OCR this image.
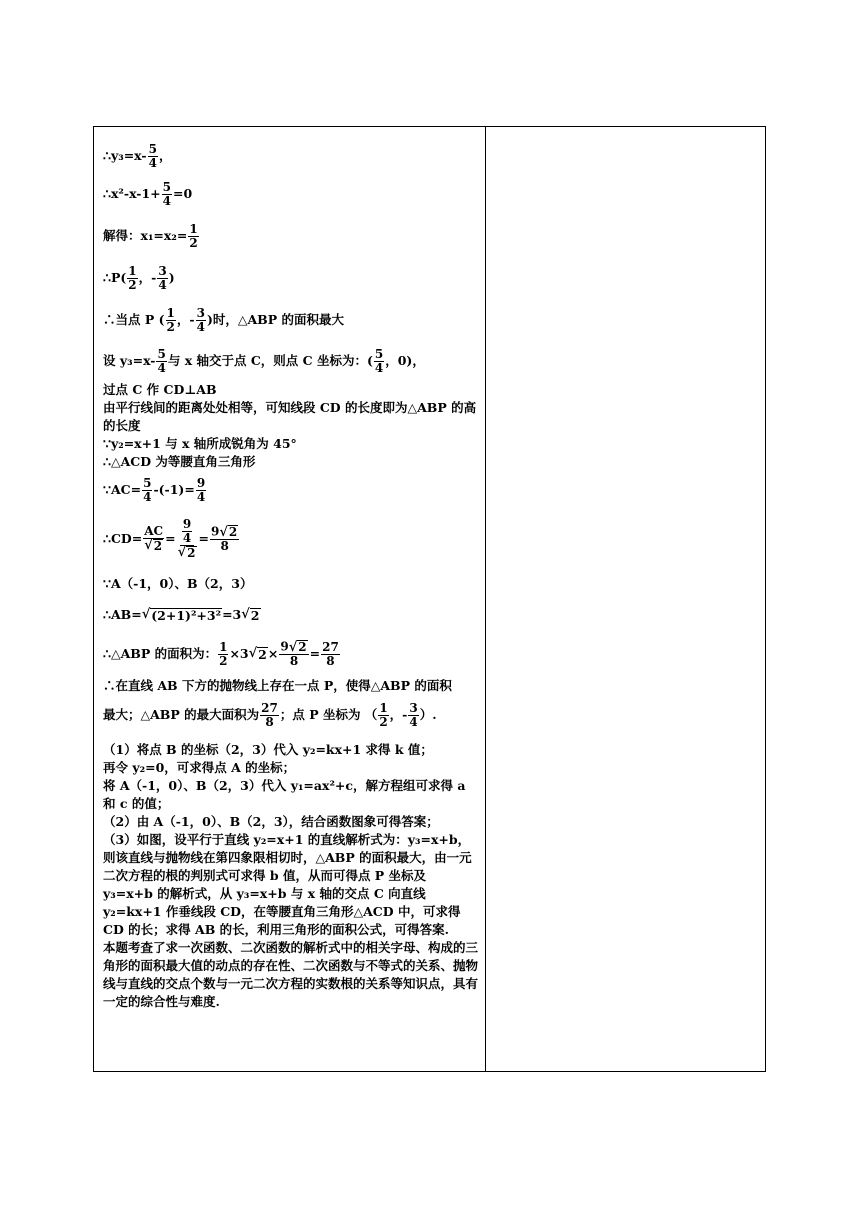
∴y₃=x- $\frac{5}{4}$ ，
∴x²-x-1+ $\frac{5}{4} =0$
解得：$x_1=x_2= \frac{1}{2}$
∴P( $\frac{1}{2}$ ，- $\frac{3}{4}$ )
∴当点 P ( $\frac{1}{2}$ ，- $\frac{3}{4}$ )时，△ABP 的面积最大
设 $y_3=x- \frac{5}{4}$ 与 x 轴交于点 C，则点 C 坐标为：( $\frac{5}{4}$ ，0)，
过点 C 作 CD⊥AB
由平行线间的距离处处相等，可知线段 CD 的长度即为△ABP 的高的长度
∵y₂=x+1 与 x 轴所成锐角为 45°
∴△ACD 为等腰直角三角形
∵AC= $\frac{5}{4} -(-1)= \frac{9}{4}$
∴CD= $\frac{AC}{√ 2} = \frac{\frac{9}{4}}{√ 2} = \frac{9 √ 2}{8}$
∵A（-1，0）、B（2，3）
∴AB= √ (2+1)²+3² =3 √ 2
∴△ABP 的面积为： $\frac{1}{2} \times 3$ √ $2 \times \frac{9 √ 2}{8} = \frac{27}{8}$
∴在直线 AB 下方的抛物线上存在一点 P，使得△ABP 的面积
最大；△ABP 的最大面积为 $\frac{27}{8}$ ；点 P 坐标为 （ $\frac{1}{2}$ ，- $\frac{3}{4}$ ）.
（1）将点 B 的坐标（2，3）代入 y₂=kx+1 求得 k 值；
再令 y₂=0，可求得点 A 的坐标；
将 A（-1，0）、B（2，3）代入 y₁=ax²+c，解方程组可求得 a 和 c 的值；
（2）由 A（-1，0）、B（2，3），结合函数图象可得答案；
（3）如图，设平行于直线 y₂=x+1 的直线解析式为：y₃=x+b，则该直线与抛物线在第四象限相切时，△ABP 的面积最大，由一元二次方程的根的判别式可求得 b 值，从而可得点 P 坐标及 y₃=x+b 的解析式，从 y₃=x+b 与 x 轴的交点 C 向直线 y₂=kx+1 作垂线段 CD，在等腰直角三角形△ACD 中，可求得 CD 的长；求得 AB 的长，利用三角形的面积公式，可得答案.
本题考查了求一次函数、二次函数的解析式中的相关字母、构成的三角形的面积最大值的动点的存在性、二次函数与不等式的关系、抛物线与直线的交点个数与一元二次方程的实数根的关系等知识点，具有一定的综合性与难度.
